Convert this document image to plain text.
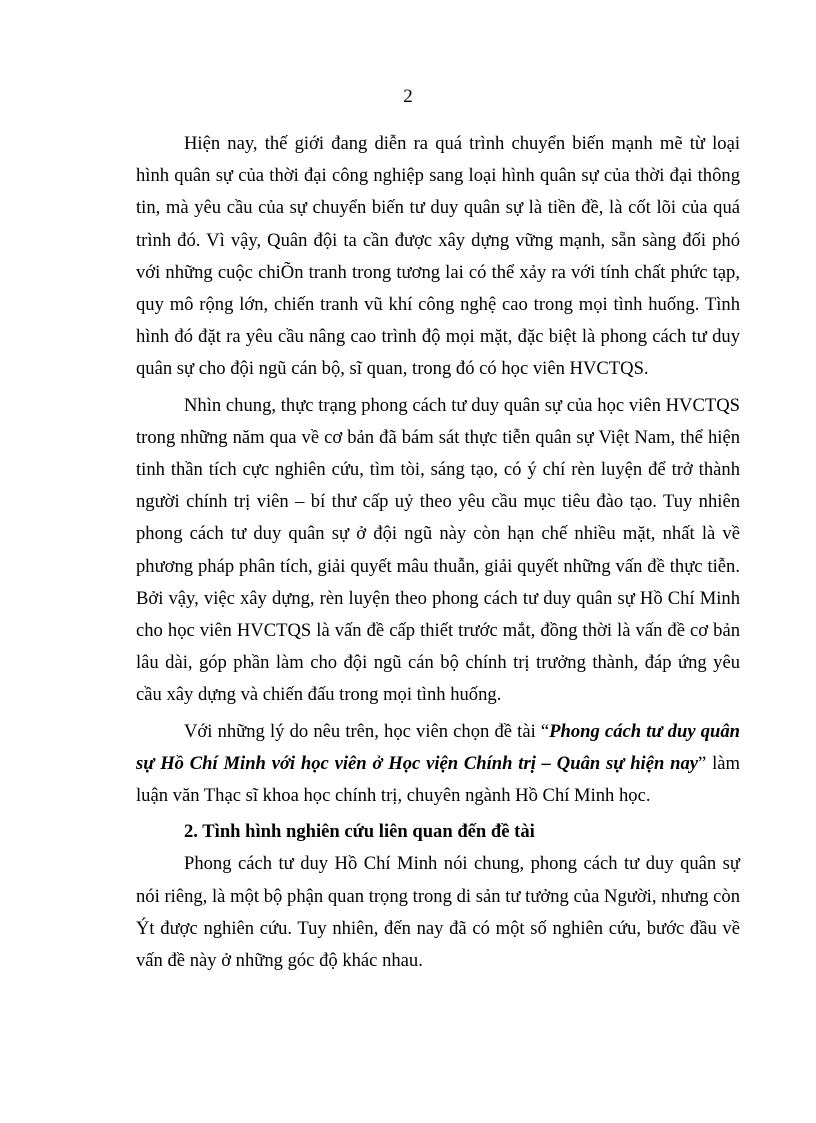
2

Hiện nay, thế giới đang diễn ra quá trình chuyển biến mạnh mẽ từ loại hình quân sự của thời đại công nghiệp sang loại hình quân sự của thời đại thông tin, mà yêu cầu của sự chuyển biến tư duy quân sự là tiền đề, là cốt lõi của quá trình đó. Vì vậy, Quân đội ta cần được xây dựng vững mạnh, sẵn sàng đối phó với những cuộc chiÕn tranh trong tương lai có thể xảy ra với tính chất phức tạp, quy mô rộng lớn, chiến tranh vũ khí công nghệ cao trong mọi tình huống. Tình hình đó đặt ra yêu cầu nâng cao trình độ mọi mặt, đặc biệt là phong cách tư duy quân sự cho đội ngũ cán bộ, sĩ quan, trong đó có học viên HVCTQS.

Nhìn chung, thực trạng phong cách tư duy quân sự của học viên HVCTQS trong những năm qua về cơ bản đã bám sát thực tiễn quân sự Việt Nam, thể hiện tinh thần tích cực nghiên cứu, tìm tòi, sáng tạo, có ý chí rèn luyện để trở thành người chính trị viên – bí thư cấp uỷ theo yêu cầu mục tiêu đào tạo. Tuy nhiên phong cách tư duy quân sự ở đội ngũ này còn hạn chế nhiều mặt, nhất là về phương pháp phân tích, giải quyết mâu thuẫn, giải quyết những vấn đề thực tiễn. Bởi vậy, việc xây dựng, rèn luyện theo phong cách tư duy quân sự Hồ Chí Minh cho học viên HVCTQS là vấn đề cấp thiết trước mắt, đồng thời là vấn đề cơ bản lâu dài, góp phần làm cho đội ngũ cán bộ chính trị trưởng thành, đáp ứng yêu cầu xây dựng và chiến đấu trong mọi tình huống.

Với những lý do nêu trên, học viên chọn đề tài “Phong cách tư duy quân sự Hồ Chí Minh với học viên ở Học viện Chính trị – Quân sự hiện nay” làm luận văn Thạc sĩ khoa học chính trị, chuyên ngành Hồ Chí Minh học.

2. Tình hình nghiên cứu liên quan đến đề tài

Phong cách tư duy Hồ Chí Minh nói chung, phong cách tư duy quân sự nói riêng, là một bộ phận quan trọng trong di sản tư tưởng của Người, nhưng còn Ýt được nghiên cứu. Tuy nhiên, đến nay đã có một số nghiên cứu, bước đầu về vấn đề này ở những góc độ khác nhau.
